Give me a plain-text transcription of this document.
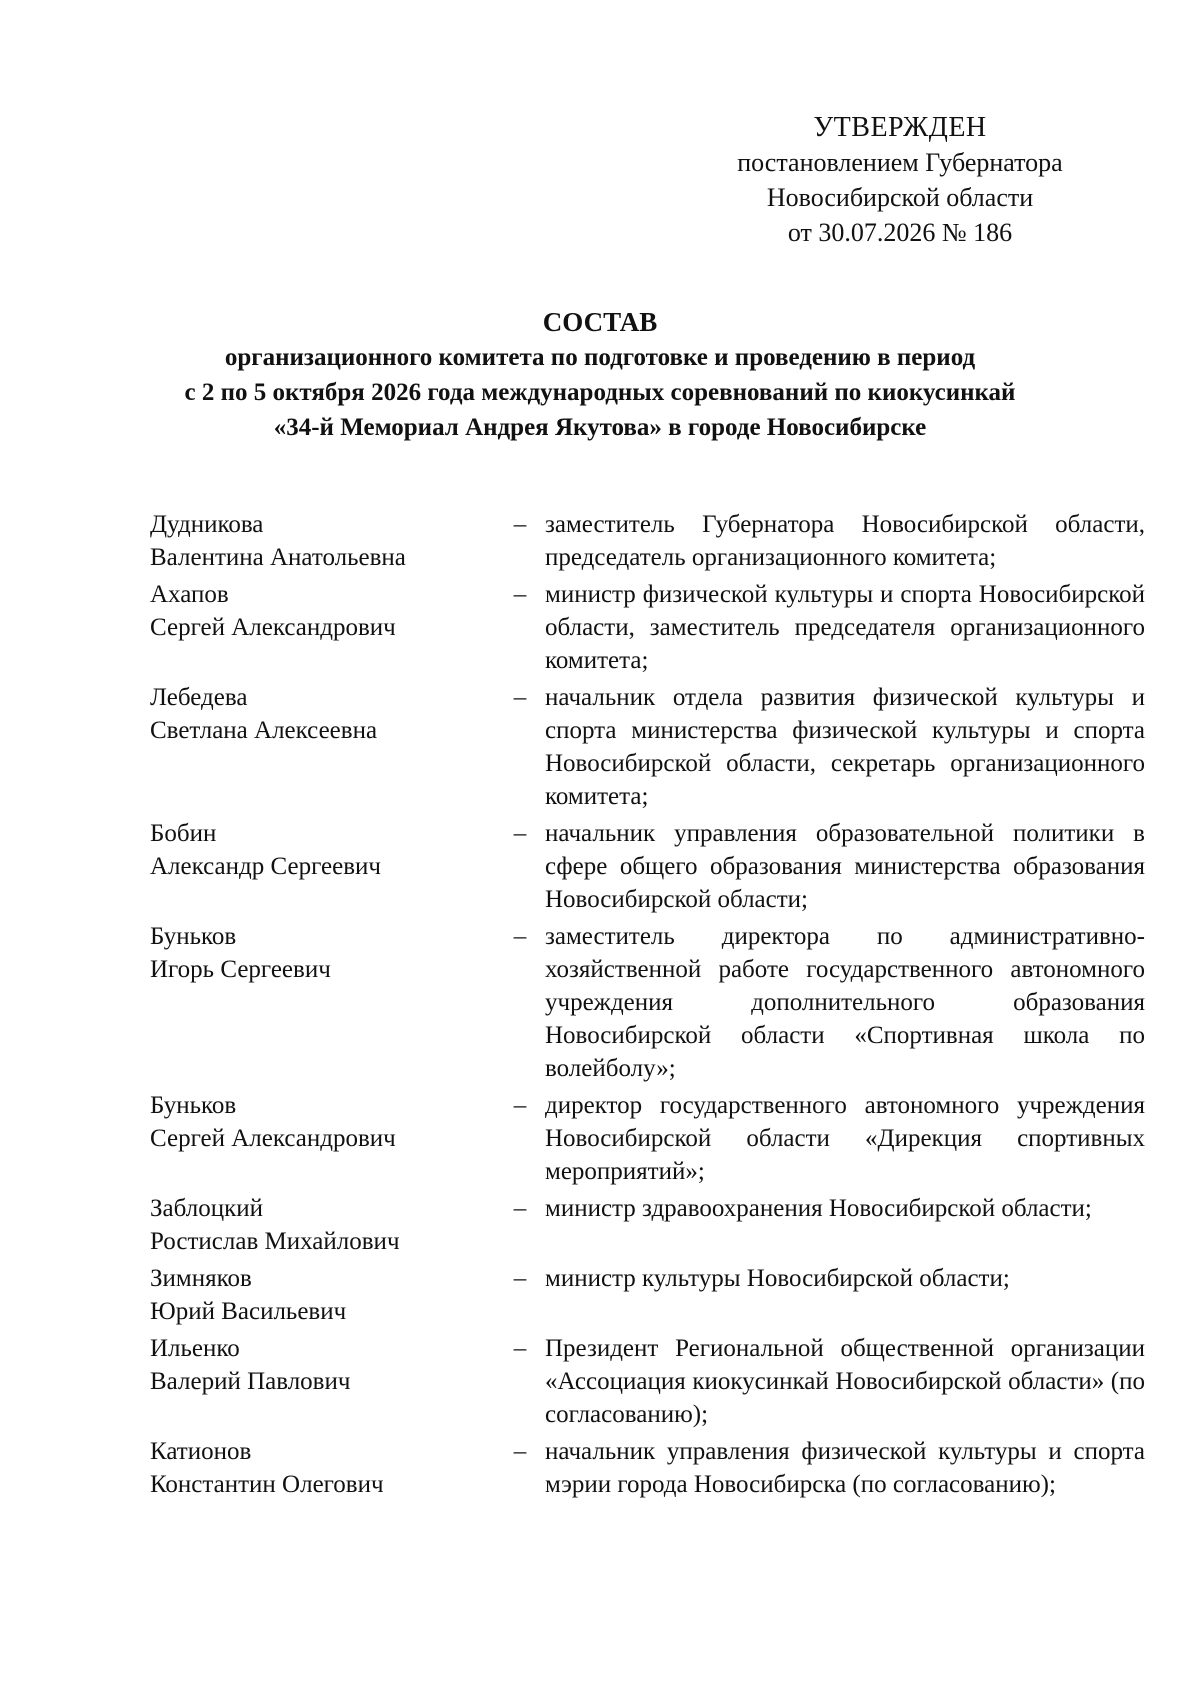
УТВЕРЖДЕН
постановлением Губернатора
Новосибирской области
от 30.07.2026 № 186
СОСТАВ
организационного комитета по подготовке и проведению в период
с 2 по 5 октября 2026 года международных соревнований по киокусинкай
«34-й Мемориал Андрея Якутова» в городе Новосибирске
Дудникова
Валентина Анатольевна
– заместитель Губернатора Новосибирской области, председатель организационного комитета;
Ахапов
Сергей Александрович
– министр физической культуры и спорта Новосибирской области, заместитель председателя организационного комитета;
Лебедева
Светлана Алексеевна
– начальник отдела развития физической культуры и спорта министерства физической культуры и спорта Новосибирской области, секретарь организационного комитета;
Бобин
Александр Сергеевич
– начальник управления образовательной политики в сфере общего образования министерства образования Новосибирской области;
Буньков
Игорь Сергеевич
– заместитель директора по административно-хозяйственной работе государственного автономного учреждения дополнительного образования Новосибирской области «Спортивная школа по волейболу»;
Буньков
Сергей Александрович
– директор государственного автономного учреждения Новосибирской области «Дирекция спортивных мероприятий»;
Заблоцкий
Ростислав Михайлович
– министр здравоохранения Новосибирской области;
Зимняков
Юрий Васильевич
– министр культуры Новосибирской области;
Ильенко
Валерий Павлович
– Президент Региональной общественной организации «Ассоциация киокусинкай Новосибирской области» (по согласованию);
Катионов
Константин Олегович
– начальник управления физической культуры и спорта мэрии города Новосибирска (по согласованию);
